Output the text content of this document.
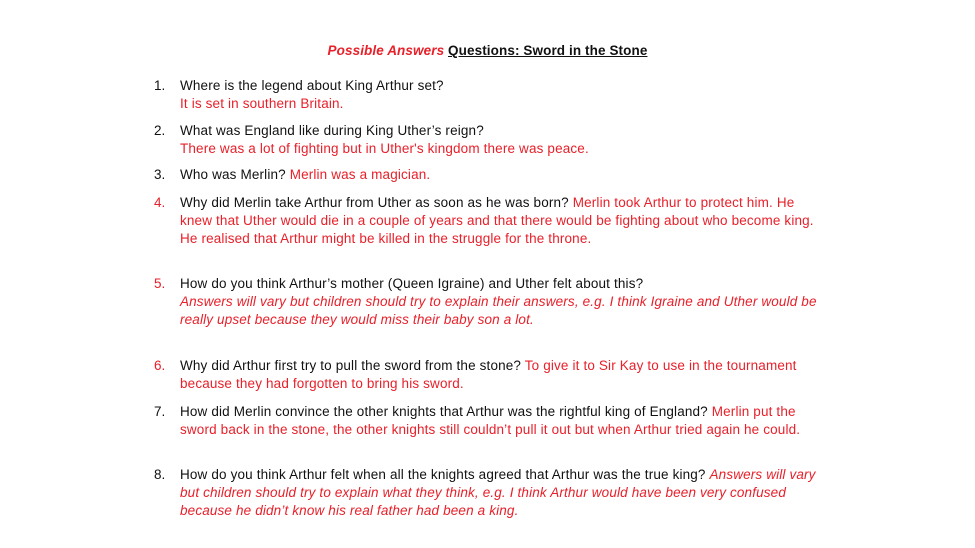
Possible Answers Questions: Sword in the Stone
1.	Where is the legend about King Arthur set?
It is set in southern Britain.
2.	What was England like during King Uther’s reign?
There was a lot of fighting but in Uther's kingdom there was peace.
3.	Who was Merlin? Merlin was a magician.
4.	Why did Merlin take Arthur from Uther as soon as he was born? Merlin took Arthur to protect him. He knew that Uther would die in a couple of years and that there would be fighting about who become king. He realised that Arthur might be killed in the struggle for the throne.
5.	How do you think Arthur’s mother (Queen Igraine) and Uther felt about this?
Answers will vary but children should try to explain their answers, e.g. I think Igraine and Uther would be really upset because they would miss their baby son a lot.
6.	Why did Arthur first try to pull the sword from the stone? To give it to Sir Kay to use in the tournament because they had forgotten to bring his sword.
7.	How did Merlin convince the other knights that Arthur was the rightful king of England? Merlin put the sword back in the stone, the other knights still couldn’t pull it out but when Arthur tried again he could.
8.	How do you think Arthur felt when all the knights agreed that Arthur was the true king? Answers will vary but children should try to explain what they think, e.g. I think Arthur would have been very confused because he didn’t know his real father had been a king.
